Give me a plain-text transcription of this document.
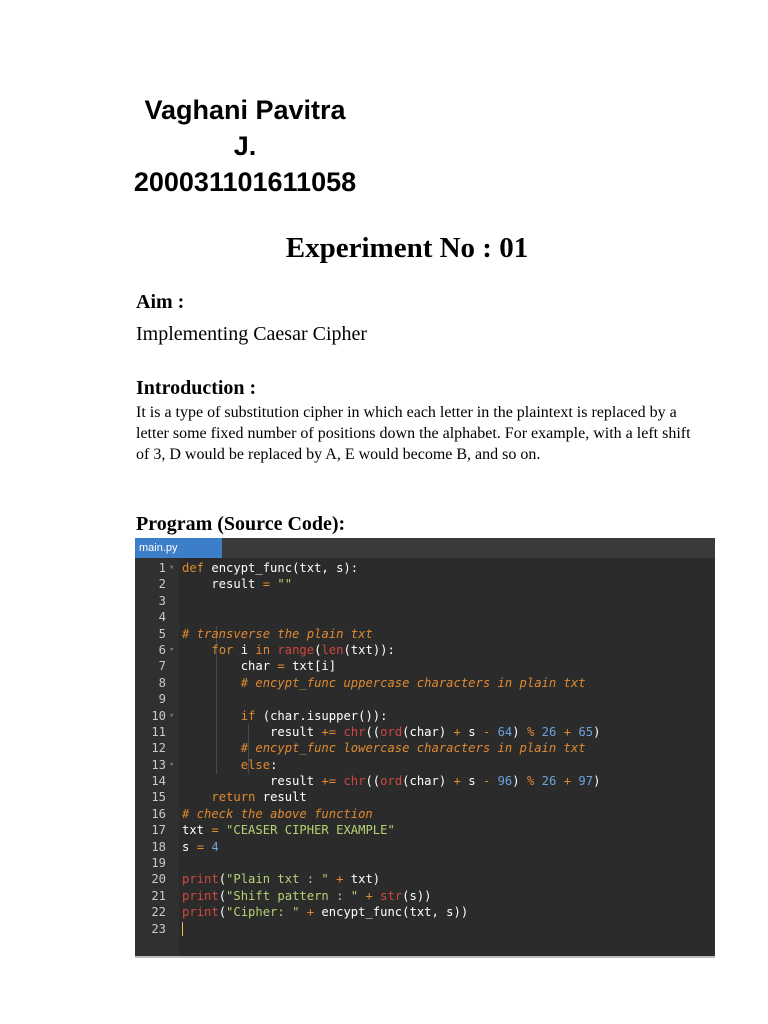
Vaghani Pavitra
J.
200031101611058
Experiment No : 01
Aim :
Implementing Caesar Cipher
Introduction :
It is a type of substitution cipher in which each letter in the plaintext is replaced by a letter some fixed number of positions down the alphabet. For example, with a left shift of 3, D would be replaced by A, E would become B, and so on.
Program (Source Code):
main.py
1 ▾ def encypt_func(txt, s):
2 result = ""
3
4
5 # transverse the plain txt
6 ▾	for i in range(len(txt)):
7 char = txt[i]
8	# encypt_func uppercase characters in plain txt
9
10 ▾	if (char.isupper()):
11 result += chr((ord(char) + s - 64) % 26 + 65)
12	# encypt_func lowercase characters in plain txt
13 ▾	else:
14 result += chr((ord(char) + s - 96) % 26 + 97)
15	return result
16 # check the above function
17 txt = "CEASER CIPHER EXAMPLE"
18 s = 4
19
20 print("Plain txt : " + txt)
21 print("Shift pattern : " + str(s))
22 print("Cipher: " + encypt_func(txt, s))
23
